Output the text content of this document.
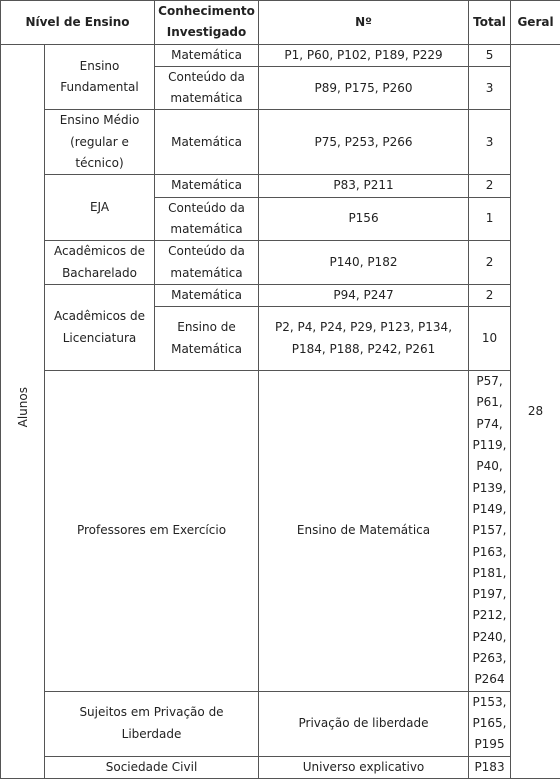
Nível de Ensino		Conhecimento Investigado	Nº	Total	Geral	
Alunos	Ensino Fundamental	Matemática	P1, P60, P102, P189, P229	5	28	
		Conteúdo da matemática	P89, P175, P260	3		
	Ensino Médio (regular e técnico)	Matemática	P75, P253, P266	3		
	EJA	Matemática	P83, P211	2		
		Conteúdo da matemática	P156	1		
	Acadêmicos de Bacharelado	Conteúdo da matemática	P140, P182	2		
	Acadêmicos de Licenciatura	Matemática	P94, P247	2		
		Ensino de Matemática	P2, P4, P24, P29, P123, P134, P184, P188, P242, P261	10		
	Professores em Exercício		Ensino de Matemática	P57, P61, P74, P119, P40, P139, P149, P157, P163, P181, P197, P212, P240, P263, P264		
	Sujeitos em Privação de Liberdade		Privação de liberdade	P153, P165, P195		
	Sociedade Civil		Universo explicativo	P183		
